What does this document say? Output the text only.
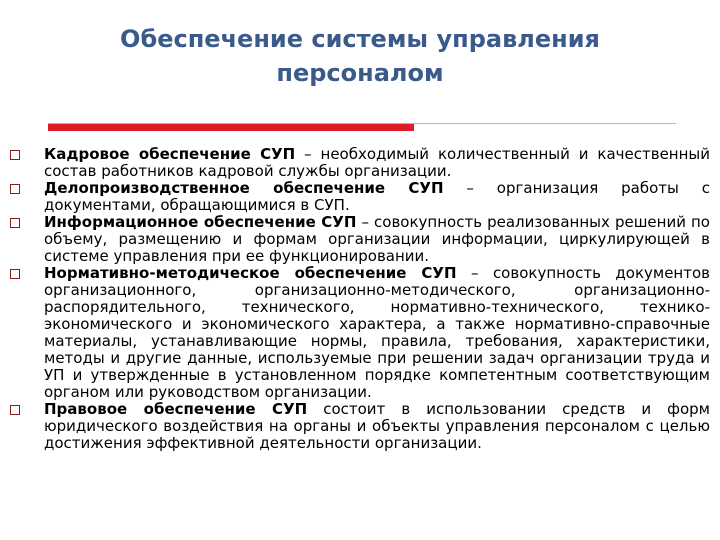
Обеспечение системы управления
персоналом
Кадровое обеспечение СУП – необходимый количественный и качественный состав работников кадровой службы организации.
Делопроизводственное обеспечение СУП – организация работы с документами, обращающимися в СУП.
Информационное обеспечение СУП – совокупность реализованных решений по объему, размещению и формам организации информации, циркулирующей в системе управления при ее функционировании.
Нормативно-методическое обеспечение СУП – совокупность документов организационного, организационно-методического, организационно-распорядительного, технического, нормативно-технического, технико-экономического и экономического характера, а также нормативно-справочные материалы, устанавливающие нормы, правила, требования, характеристики, методы и другие данные, используемые при решении задач организации труда и УП и утвержденные в установленном порядке компетентным соответствующим органом или руководством организации.
Правовое обеспечение СУП состоит в использовании средств и форм юридического воздействия на органы и объекты управления персоналом с целью достижения эффективной деятельности организации.
